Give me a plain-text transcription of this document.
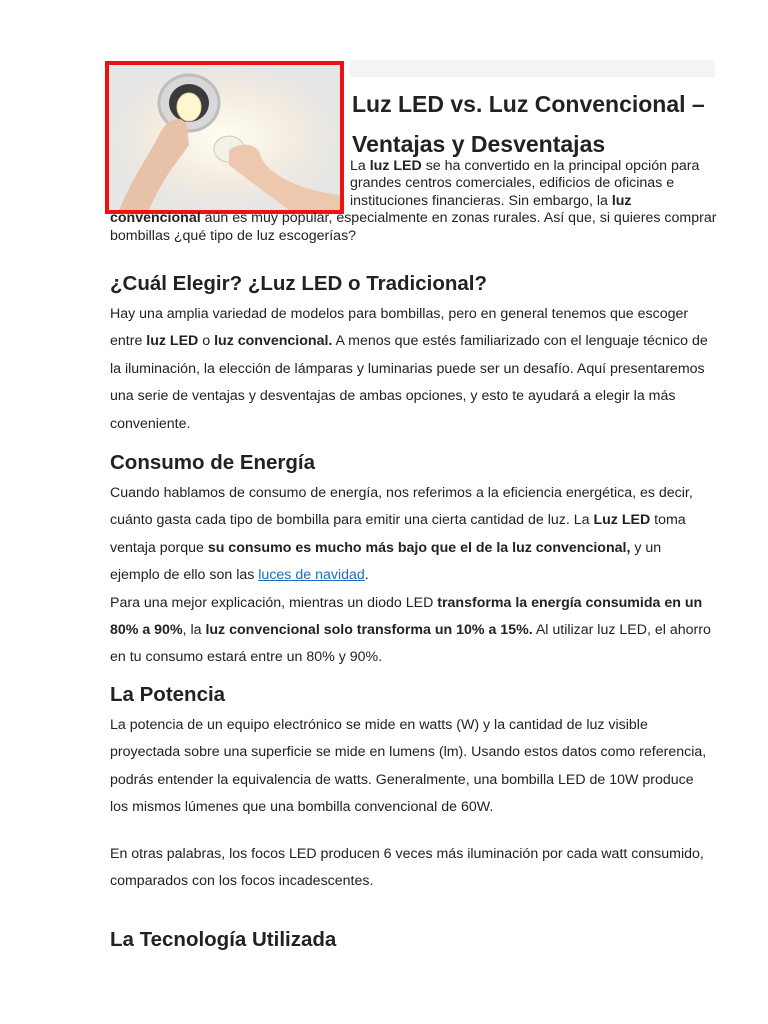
Luz LED vs. Luz Convencional – Ventajas y Desventajas

La luz LED se ha convertido en la principal opción para grandes centros comerciales, edificios de oficinas e instituciones financieras. Sin embargo, la luz convencional aún es muy popular, especialmente en zonas rurales. Así que, si quieres comprar bombillas ¿qué tipo de luz escogerías?

¿Cuál Elegir? ¿Luz LED o Tradicional?

Hay una amplia variedad de modelos para bombillas, pero en general tenemos que escoger entre luz LED o luz convencional. A menos que estés familiarizado con el lenguaje técnico de la iluminación, la elección de lámparas y luminarias puede ser un desafío. Aquí presentaremos una serie de ventajas y desventajas de ambas opciones, y esto te ayudará a elegir la más conveniente.

Consumo de Energía

Cuando hablamos de consumo de energía, nos referimos a la eficiencia energética, es decir, cuánto gasta cada tipo de bombilla para emitir una cierta cantidad de luz. La Luz LED toma ventaja porque su consumo es mucho más bajo que el de la luz convencional, y un ejemplo de ello son las luces de navidad.

Para una mejor explicación, mientras un diodo LED transforma la energía consumida en un 80% a 90%, la luz convencional solo transforma un 10% a 15%. Al utilizar luz LED, el ahorro en tu consumo estará entre un 80% y 90%.

La Potencia

La potencia de un equipo electrónico se mide en watts (W) y la cantidad de luz visible proyectada sobre una superficie se mide en lumens (lm). Usando estos datos como referencia, podrás entender la equivalencia de watts. Generalmente, una bombilla LED de 10W produce los mismos lúmenes que una bombilla convencional de 60W.

En otras palabras, los focos LED producen 6 veces más iluminación por cada watt consumido, comparados con los focos incadescentes.

La Tecnología Utilizada
